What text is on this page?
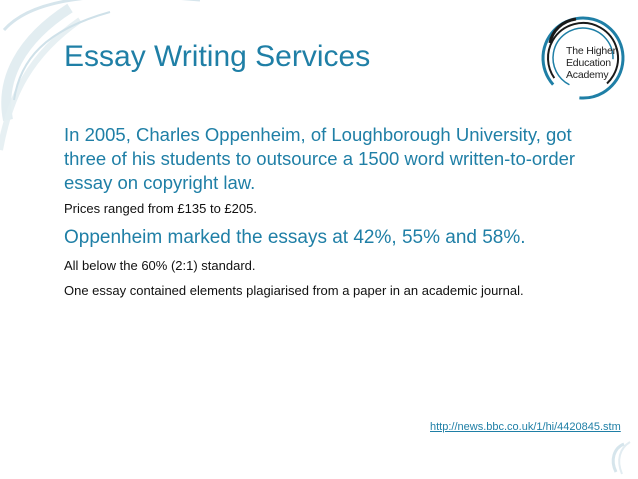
Essay Writing Services	The Higher
Education
Academy

In 2005, Charles Oppenheim, of Loughborough University, got three of his students to outsource a 1500 word written-to-order essay on copyright law.

Prices ranged from £135 to £205.

Oppenheim marked the essays at 42%, 55% and 58%.

All below the 60% (2:1) standard.

One essay contained elements plagiarised from a paper in an academic journal.

http://news.bbc.co.uk/1/hi/4420845.stm
